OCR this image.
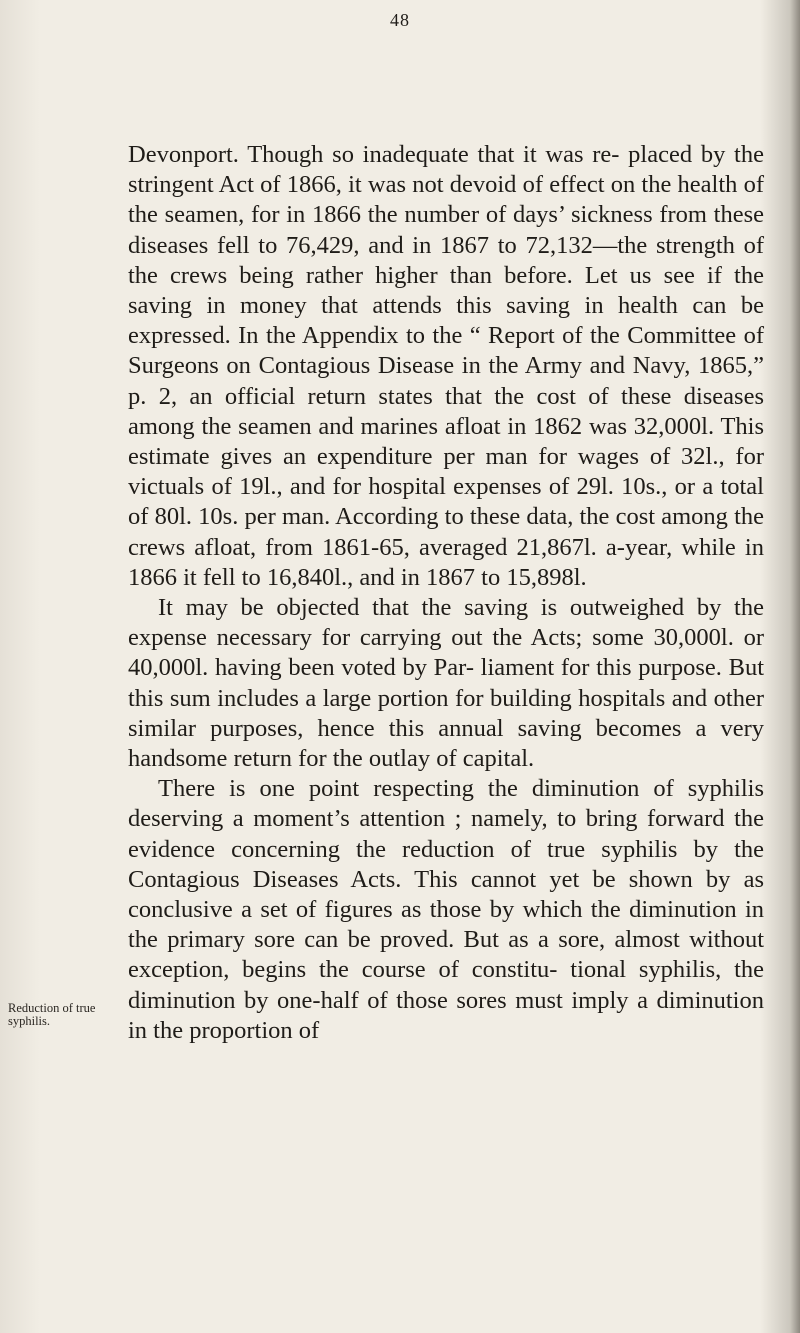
48
Reduction of true syphilis.

Devonport. Though so inadequate that it was re- placed by the stringent Act of 1866, it was not devoid of effect on the health of the seamen, for in 1866 the number of days’ sickness from these diseases fell to 76,429, and in 1867 to 72,132—the strength of the crews being rather higher than before. Let us see if the saving in money that attends this saving in health can be expressed. In the Appendix to the “ Report of the Committee of Surgeons on Contagious Disease in the Army and Navy, 1865,” p. 2, an official return states that the cost of these diseases among the seamen and marines afloat in 1862 was 32,000l. This estimate gives an expenditure per man for wages of 32l., for victuals of 19l., and for hospital expenses of 29l. 10s., or a total of 80l. 10s. per man. According to these data, the cost among the crews afloat, from 1861-65, averaged 21,867l. a-year, while in 1866 it fell to 16,840l., and in 1867 to 15,898l.

It may be objected that the saving is outweighed by the expense necessary for carrying out the Acts; some 30,000l. or 40,000l. having been voted by Par- liament for this purpose. But this sum includes a large portion for building hospitals and other similar purposes, hence this annual saving becomes a very handsome return for the outlay of capital.

There is one point respecting the diminution of syphilis deserving a moment’s attention ; namely, to bring forward the evidence concerning the reduction of true syphilis by the Contagious Diseases Acts. This cannot yet be shown by as conclusive a set of figures as those by which the diminution in the primary sore can be proved. But as a sore, almost without exception, begins the course of constitu- tional syphilis, the diminution by one-half of those sores must imply a diminution in the proportion of
